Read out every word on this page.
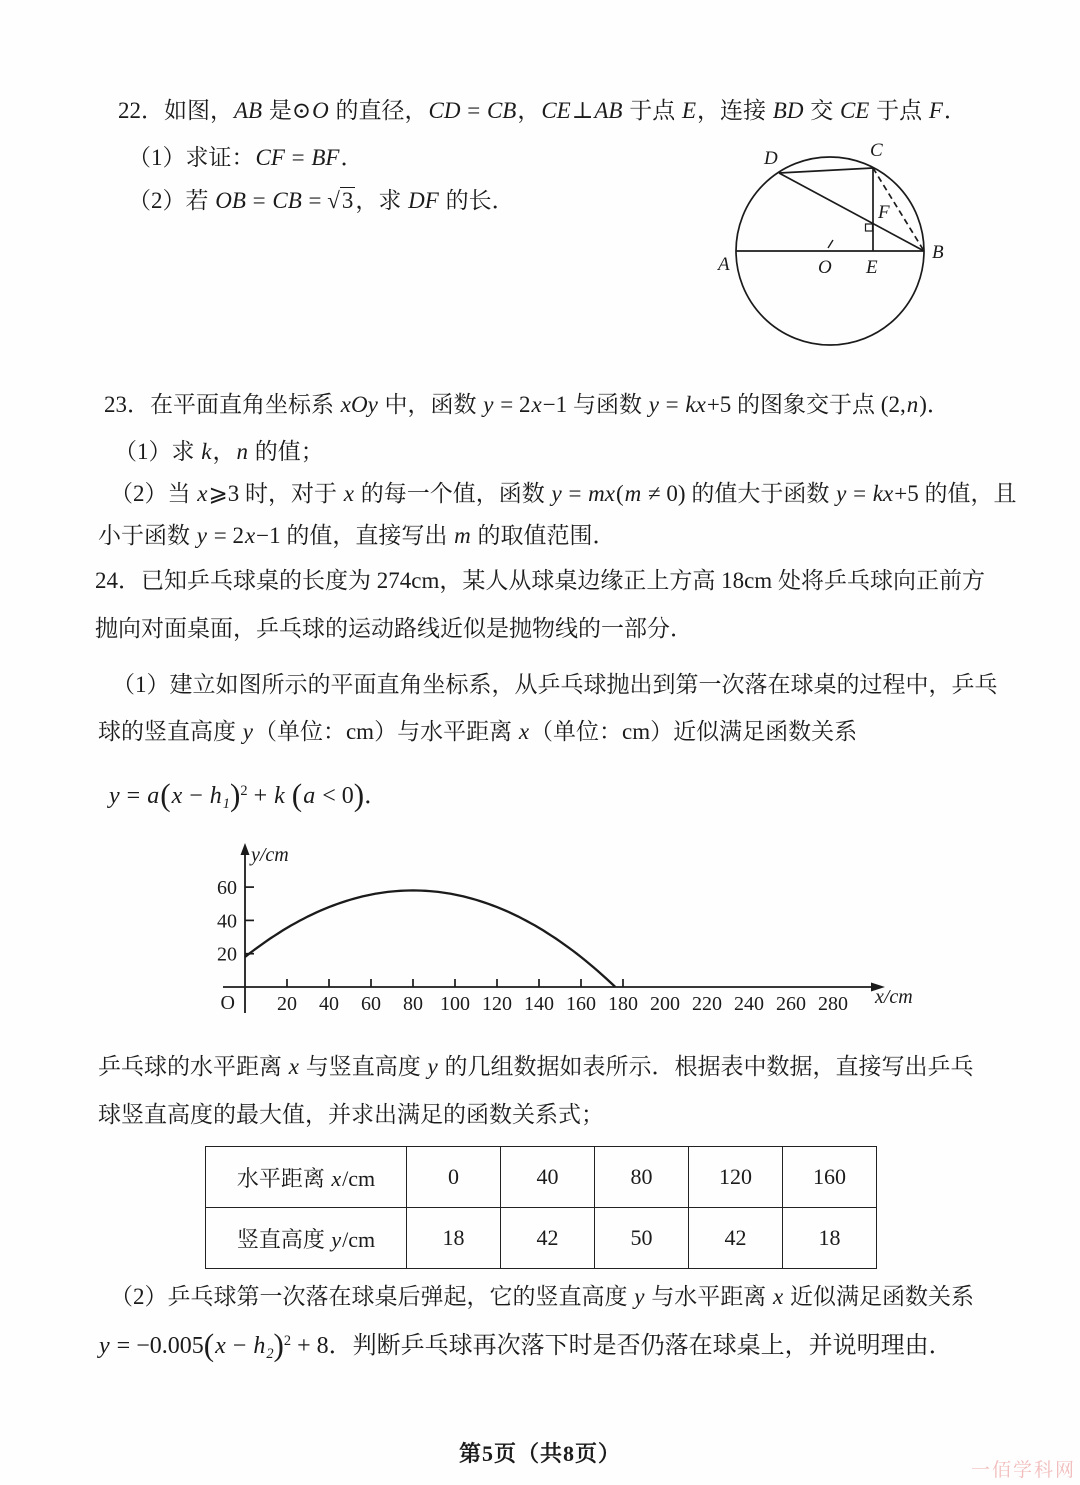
22．如图，AB 是⊙O 的直径，CD = CB，CE⊥AB 于点 E，连接 BD 交 CE 于点 F．
（1）求证：CF = BF．
（2）若 OB = CB = √3，求 DF 的长．
D	C
A
B
O E
F
23．在平面直角坐标系 xOy 中，函数 y = 2x−1 与函数 y = kx+5 的图象交于点 (2,n)．
（1）求 k，n 的值；
（2）当 x⩾3 时，对于 x 的每一个值，函数 y = mx(m ≠ 0) 的值大于函数 y = kx+5 的值，且
小于函数 y = 2x−1 的值，直接写出 m 的取值范围．
24．已知乒乓球桌的长度为 274cm，某人从球桌边缘正上方高 18cm 处将乒乓球向正前方
抛向对面桌面，乒乓球的运动路线近似是抛物线的一部分．
（1）建立如图所示的平面直角坐标系，从乒乓球抛出到第一次落在球桌的过程中，乒乓
球的竖直高度 y（单位：cm）与水平距离 x（单位：cm）近似满足函数关系
$y = a(x - h_1)^2 + k$ (a < 0)．
y/cm
x/cm
O 20 40 60 80 100 120 140 160 180 200 220 240 260 280
20
40
60
乒乓球的水平距离 x 与竖直高度 y 的几组数据如表所示．根据表中数据，直接写出乒乓
球竖直高度的最大值，并求出满足的函数关系式；
水平距离 x/cm	0	40	80	120	160
竖直高度 y/cm	18	42	50	42	18
（2）乒乓球第一次落在球桌后弹起，它的竖直高度 y 与水平距离 x 近似满足函数关系
$y = -0.005(x - h_2)^2 + 8$．判断乒乓球再次落下时是否仍落在球桌上，并说明理由．
第5页（共8页）
一佰学科网
